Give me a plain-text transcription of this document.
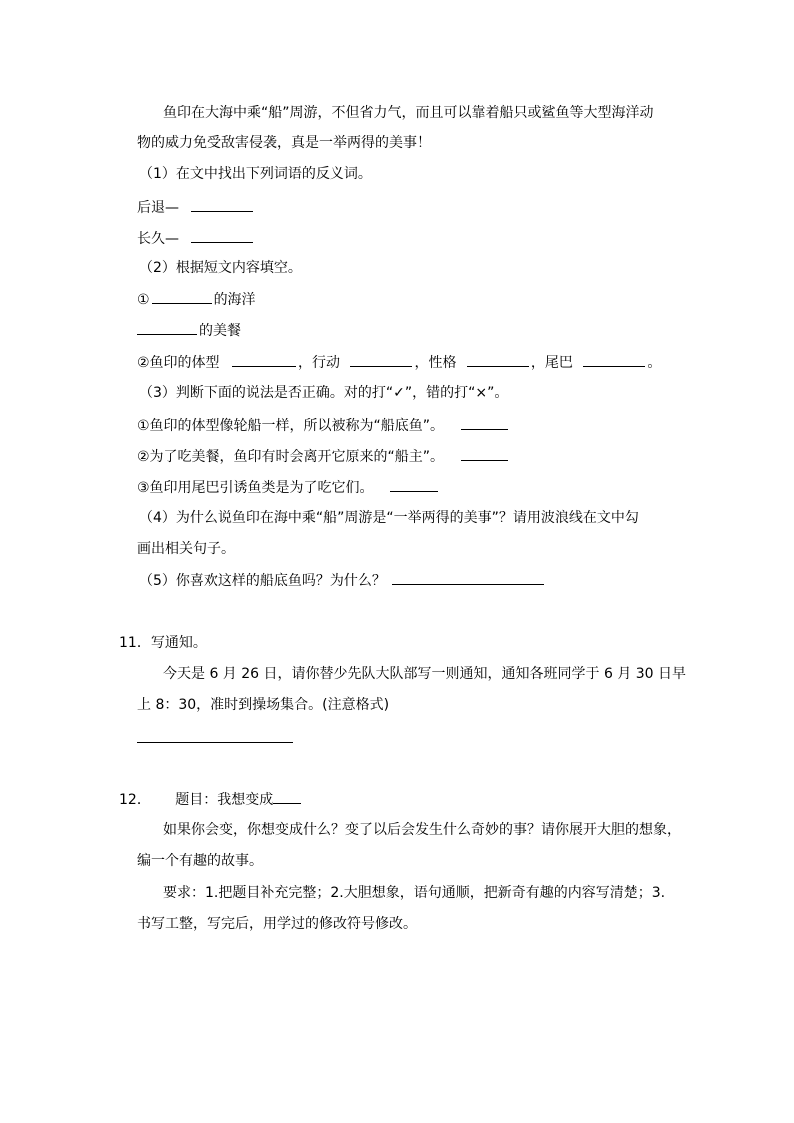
鱼印在大海中乘“船”周游，不但省力气，而且可以靠着船只或鲨鱼等大型海洋动
物的威力免受敌害侵袭，真是一举两得的美事！
（1）在文中找出下列词语的反义词。
后退—
长久—
（2）根据短文内容填空。
①	的海洋
的美餐
②鱼印的体型	，行动	，性格	，尾巴	。
（3）判断下面的说法是否正确。对的打“✓”，错的打“×”。
①鱼印的体型像轮船一样，所以被称为“船底鱼”。
②为了吃美餐，鱼印有时会离开它原来的“船主”。
③鱼印用尾巴引诱鱼类是为了吃它们。
（4）为什么说鱼印在海中乘“船”周游是“一举两得的美事”？请用波浪线在文中勾
画出相关句子。
（5）你喜欢这样的船底鱼吗？为什么？
11．写通知。
今天是 6 月 26 日，请你替少先队大队部写一则通知，通知各班同学于 6 月 30 日早
上 8：30，准时到操场集合。(注意格式)
12． 题目：我想变成
如果你会变，你想变成什么？变了以后会发生什么奇妙的事？请你展开大胆的想象，
编一个有趣的故事。
要求：1.把题目补充完整；2.大胆想象，语句通顺，把新奇有趣的内容写清楚；3.
书写工整，写完后，用学过的修改符号修改。
